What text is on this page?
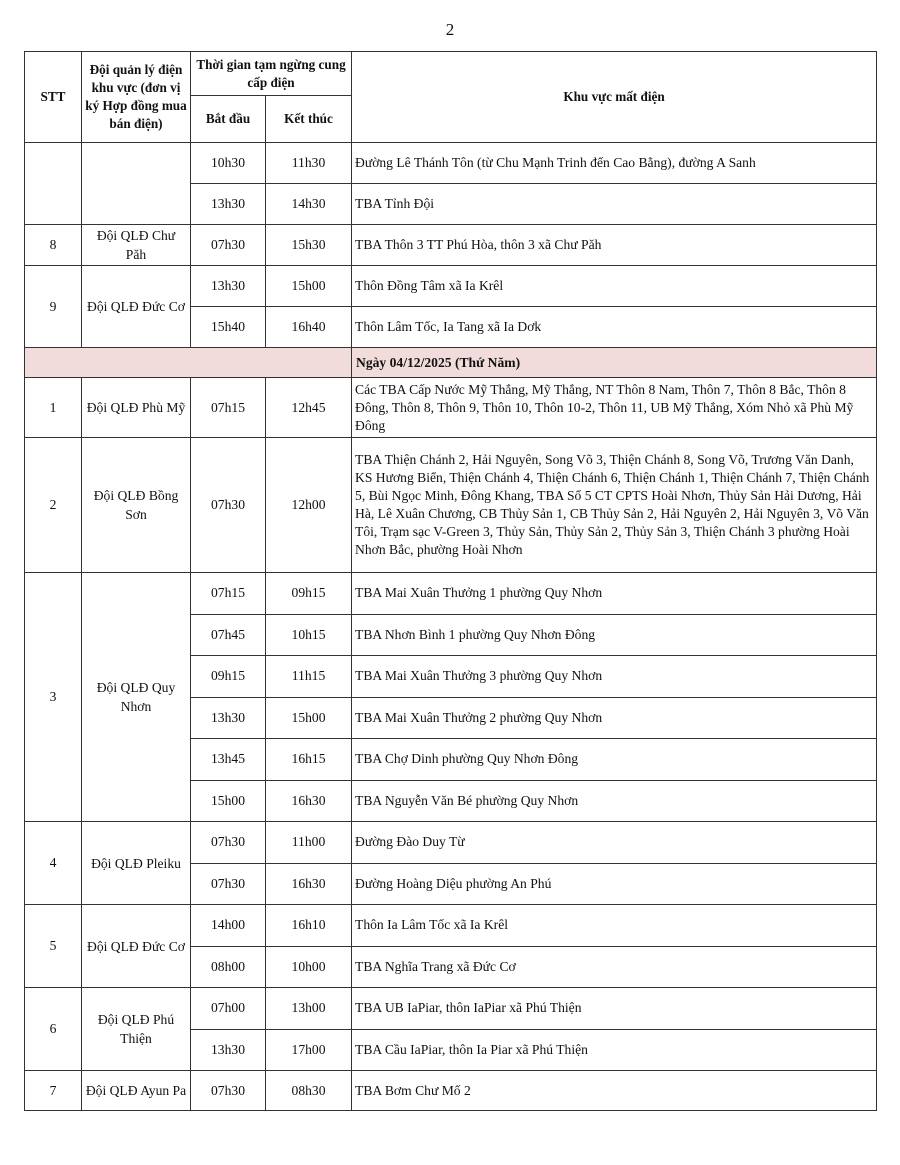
2
STT	Đội quản lý điện khu vực (đơn vị ký Hợp đồng mua bán điện)	Thời gian tạm ngừng cung cấp điện		Khu vực mất điện
		Bắt đầu	Kết thúc	
		10h30	11h30	Đường Lê Thánh Tôn (từ Chu Mạnh Trinh đến Cao Bằng), đường A Sanh
		13h30	14h30	TBA Tỉnh Đội
8	Đội QLĐ Chư Păh	07h30	15h30	TBA Thôn 3 TT Phú Hòa, thôn 3 xã Chư Păh
9	Đội QLĐ Đức Cơ	13h30	15h00	Thôn Đồng Tâm xã Ia Krêl
		15h40	16h40	Thôn Lâm Tốc, Ia Tang xã Ia Dơk
				Ngày 04/12/2025 (Thứ Năm)
1	Đội QLĐ Phù Mỹ	07h15	12h45	Các TBA Cấp Nước Mỹ Thắng, Mỹ Thắng, NT Thôn 8 Nam, Thôn 7, Thôn 8 Bắc, Thôn 8 Đông, Thôn 8, Thôn 9, Thôn 10, Thôn 10-2, Thôn 11, UB Mỹ Thắng, Xóm Nhỏ xã Phù Mỹ Đông
2	Đội QLĐ Bồng Sơn	07h30	12h00	TBA Thiện Chánh 2, Hải Nguyên, Song Võ 3, Thiện Chánh 8, Song Võ, Trương Văn Danh, KS Hương Biển, Thiện Chánh 4, Thiện Chánh 6, Thiện Chánh 1, Thiện Chánh 7, Thiện Chánh 5, Bùi Ngọc Minh, Đông Khang, TBA Số 5 CT CPTS Hoài Nhơn, Thủy Sản Hải Dương, Hải Hà, Lê Xuân Chương, CB Thủy Sản 1, CB Thủy Sản 2, Hải Nguyên 2, Hải Nguyên 3, Võ Văn Tôi, Trạm sạc V-Green 3, Thủy Sản, Thủy Sản 2, Thủy Sản 3, Thiện Chánh 3 phường Hoài Nhơn Bắc, phường Hoài Nhơn
3	Đội QLĐ Quy Nhơn	07h15	09h15	TBA Mai Xuân Thưởng 1 phường Quy Nhơn
		07h45	10h15	TBA Nhơn Bình 1 phường Quy Nhơn Đông
		09h15	11h15	TBA Mai Xuân Thưởng 3 phường Quy Nhơn
		13h30	15h00	TBA Mai Xuân Thưởng 2 phường Quy Nhơn
		13h45	16h15	TBA Chợ Dinh phường Quy Nhơn Đông
		15h00	16h30	TBA Nguyễn Văn Bé phường Quy Nhơn
4	Đội QLĐ Pleiku	07h30	11h00	Đường Đào Duy Từ
		07h30	16h30	Đường Hoàng Diệu phường An Phú
5	Đội QLĐ Đức Cơ	14h00	16h10	Thôn Ia Lâm Tốc xã Ia Krêl
		08h00	10h00	TBA Nghĩa Trang xã Đức Cơ
6	Đội QLĐ Phú Thiện	07h00	13h00	TBA UB IaPiar, thôn IaPiar xã Phú Thiện
		13h30	17h00	TBA Cầu IaPiar, thôn Ia Piar xã Phú Thiện
7	Đội QLĐ Ayun Pa	07h30	08h30	TBA Bơm Chư Mố 2
